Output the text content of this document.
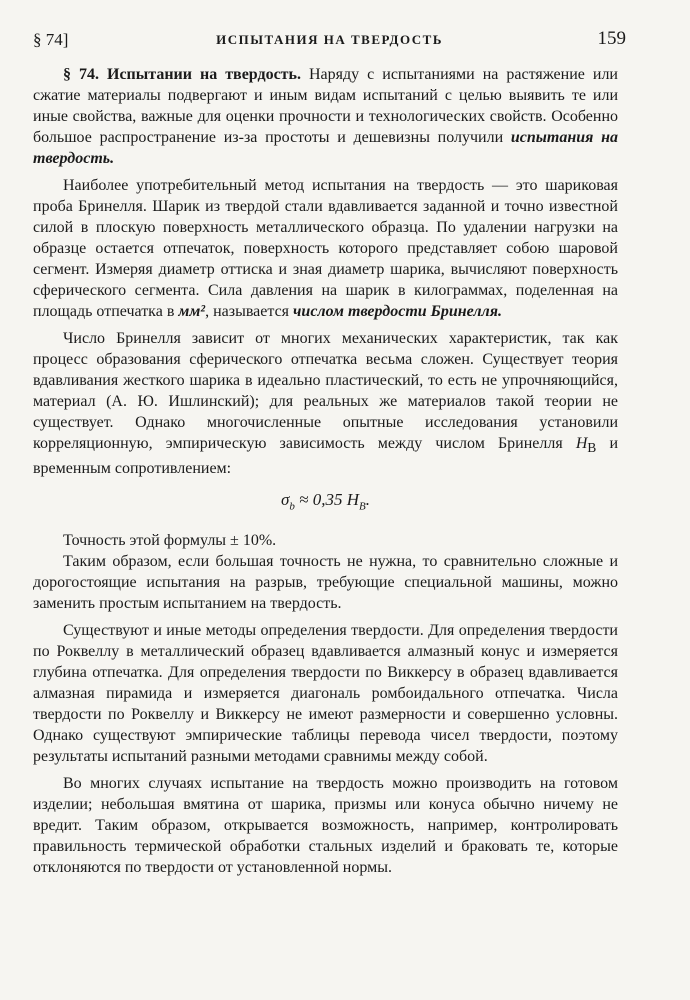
§ 74]	ИСПЫТАНИЯ НА ТВЕРДОСТЬ	159

§ 74. Испытании на твердость. Наряду с испытаниями на растяжение или сжатие материалы подвергают и иным видам испытаний с целью выявить те или иные свойства, важные для оценки прочности и технологических свойств. Особенно большое распространение из-за простоты и дешевизны получили испытания на твердость.

Наиболее употребительный метод испытания на твердость — это шариковая проба Бринелля. Шарик из твердой стали вдавливается заданной и точно известной силой в плоскую поверхность металлического образца. По удалении нагрузки на образце остается отпечаток, поверхность которого представляет собою шаровой сегмент. Измеряя диаметр оттиска и зная диаметр шарика, вычисляют поверхность сферического сегмента. Сила давления на шарик в килограммах, поделенная на площадь отпечатка в мм², называется числом твердости Бринелля.

Число Бринелля зависит от многих механических характеристик, так как процесс образования сферического отпечатка весьма сложен. Существует теория вдавливания жесткого шарика в идеально пластический, то есть не упрочняющийся, материал (А. Ю. Ишлинский); для реальных же материалов такой теории не существует. Однако многочисленные опытные исследования установили корреляционную, эмпирическую зависимость между числом Бринелля $H_B$ и временным сопротивлением:

$\sigma_b \approx 0,35$ $H_B$.

Точность этой формулы ± 10%.

Таким образом, если большая точность не нужна, то сравнительно сложные и дорогостоящие испытания на разрыв, требующие специальной машины, можно заменить простым испытанием на твердость.

Существуют и иные методы определения твердости. Для определения твердости по Роквеллу в металлический образец вдавливается алмазный конус и измеряется глубина отпечатка. Для определения твердости по Виккерсу в образец вдавливается алмазная пирамида и измеряется диагональ ромбоидального отпечатка. Числа твердости по Роквеллу и Виккерсу не имеют размерности и совершенно условны. Однако существуют эмпирические таблицы перевода чисел твердости, поэтому результаты испытаний разными методами сравнимы между собой.

Во многих случаях испытание на твердость можно производить на готовом изделии; небольшая вмятина от шарика, призмы или конуса обычно ничему не вредит. Таким образом, открывается возможность, например, контролировать правильность термической обработки стальных изделий и браковать те, которые отклоняются по твердости от установленной нормы.
